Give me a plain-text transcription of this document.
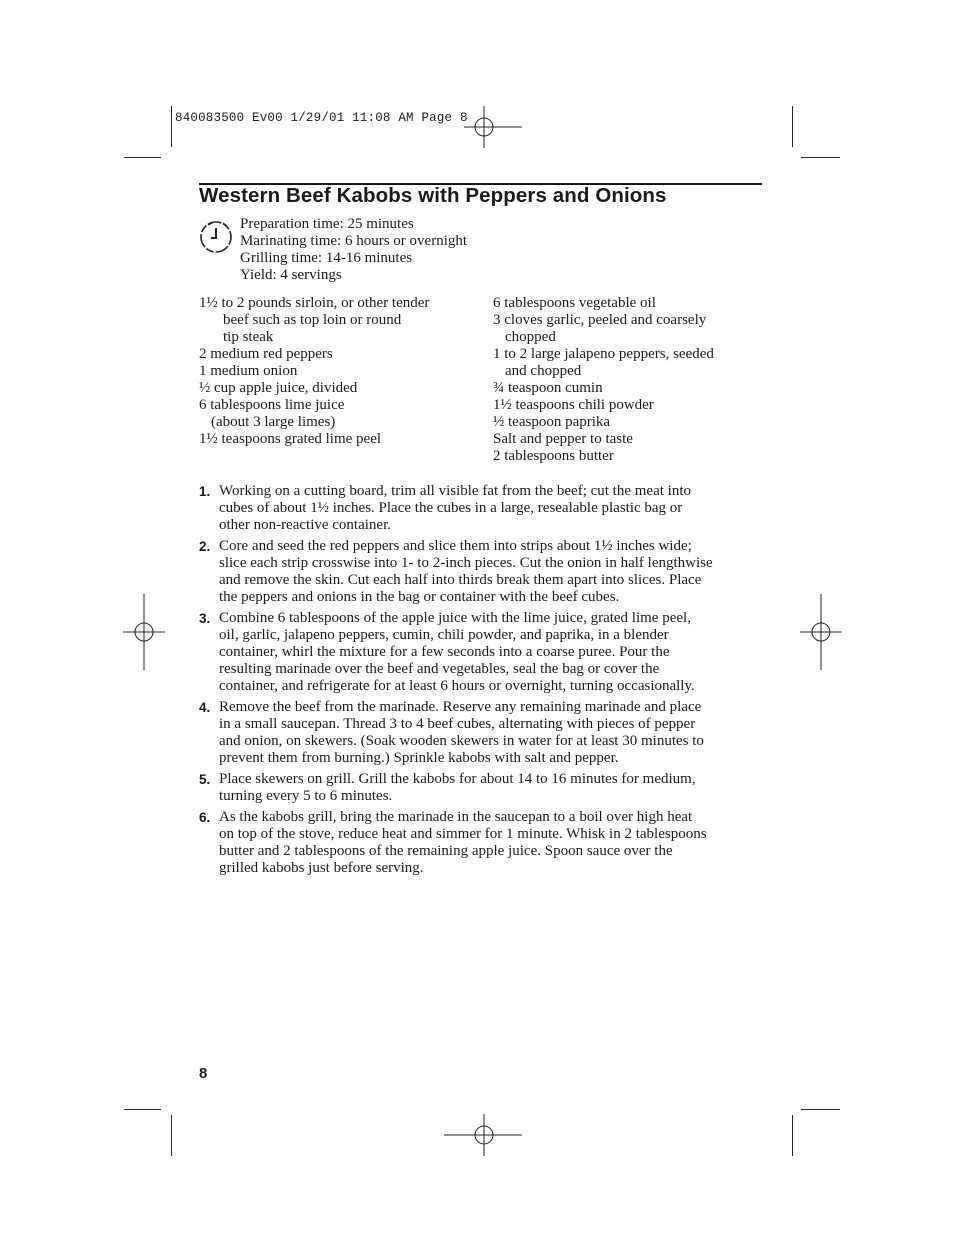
840083500 Ev00 1/29/01 11:08 AM Page 8
Western Beef Kabobs with Peppers and Onions
Preparation time: 25 minutes
Marinating time: 6 hours or overnight
Grilling time: 14-16 minutes
Yield: 4 servings
1½ to 2 pounds sirloin, or other tender
beef such as top loin or round
tip steak
2 medium red peppers
1 medium onion
½ cup apple juice, divided
6 tablespoons lime juice
(about 3 large limes)
1½ teaspoons grated lime peel
6 tablespoons vegetable oil
3 cloves garlic, peeled and coarsely
chopped
1 to 2 large jalapeno peppers, seeded
and chopped
¾ teaspoon cumin
1½ teaspoons chili powder
½ teaspoon paprika
Salt and pepper to taste
2 tablespoons butter
1. Working on a cutting board, trim all visible fat from the beef; cut the meat into
cubes of about 1½ inches. Place the cubes in a large, resealable plastic bag or
other non-reactive container.
2. Core and seed the red peppers and slice them into strips about 1½ inches wide;
slice each strip crosswise into 1- to 2-inch pieces. Cut the onion in half lengthwise
and remove the skin. Cut each half into thirds break them apart into slices. Place
the peppers and onions in the bag or container with the beef cubes.
3. Combine 6 tablespoons of the apple juice with the lime juice, grated lime peel,
oil, garlic, jalapeno peppers, cumin, chili powder, and paprika, in a blender
container, whirl the mixture for a few seconds into a coarse puree. Pour the
resulting marinade over the beef and vegetables, seal the bag or cover the
container, and refrigerate for at least 6 hours or overnight, turning occasionally.
4. Remove the beef from the marinade. Reserve any remaining marinade and place
in a small saucepan. Thread 3 to 4 beef cubes, alternating with pieces of pepper
and onion, on skewers. (Soak wooden skewers in water for at least 30 minutes to
prevent them from burning.) Sprinkle kabobs with salt and pepper.
5. Place skewers on grill. Grill the kabobs for about 14 to 16 minutes for medium,
turning every 5 to 6 minutes.
6. As the kabobs grill, bring the marinade in the saucepan to a boil over high heat
on top of the stove, reduce heat and simmer for 1 minute. Whisk in 2 tablespoons
butter and 2 tablespoons of the remaining apple juice. Spoon sauce over the
grilled kabobs just before serving.
8
